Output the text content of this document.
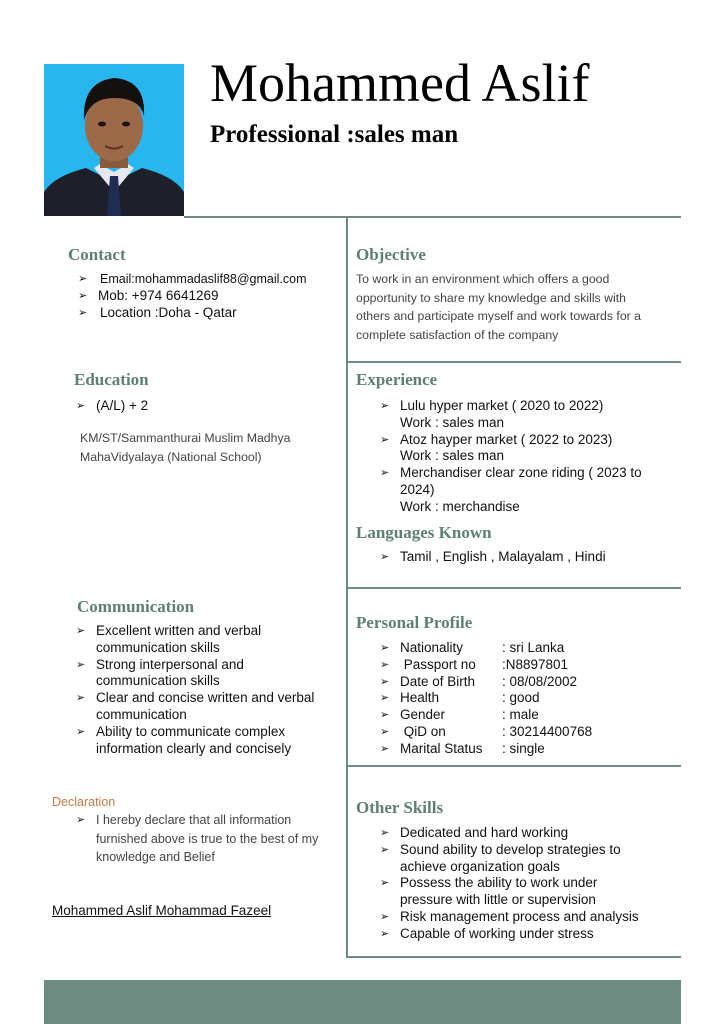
Mohammed Aslif
Professional :sales man
Contact
➢ Email:mohammadaslif88@gmail.com
➢ Mob: +974 6641269
➢ Location :Doha - Qatar
Objective
To work in an environment which offers a good
opportunity to share my knowledge and skills with
others and participate myself and work towards for a
complete satisfaction of the company
Education
➢ (A/L) + 2
KM/ST/Sammanthurai Muslim Madhya
MahaVidyalaya (National School)
Experience
➢ Lulu hyper market ( 2020 to 2022)
Work : sales man
➢ Atoz hayper market ( 2022 to 2023)
Work : sales man
➢ Merchandiser clear zone riding ( 2023 to
2024)
Work : merchandise
Languages Known
➢ Tamil , English , Malayalam , Hindi
Communication
➢ Excellent written and verbal
communication skills
➢ Strong interpersonal and
communication skills
➢ Clear and concise written and verbal
communication
➢ Ability to communicate complex
information clearly and concisely
Personal Profile
➢ Nationality	: sri Lanka
➢  Passport no	:N8897801
➢ Date of Birth	: 08/08/2002
➢ Health	: good
➢ Gender	: male
➢  QiD on	: 30214400768
➢ Marital Status	: single
Declaration
➢ I hereby declare that all information
furnished above is true to the best of my
knowledge and Belief
Mohammed Aslif Mohammad Fazeel
Other Skills
➢ Dedicated and hard working
➢ Sound ability to develop strategies to
achieve organization goals
➢ Possess the ability to work under
pressure with little or supervision
➢ Risk management process and analysis
➢ Capable of working under stress
